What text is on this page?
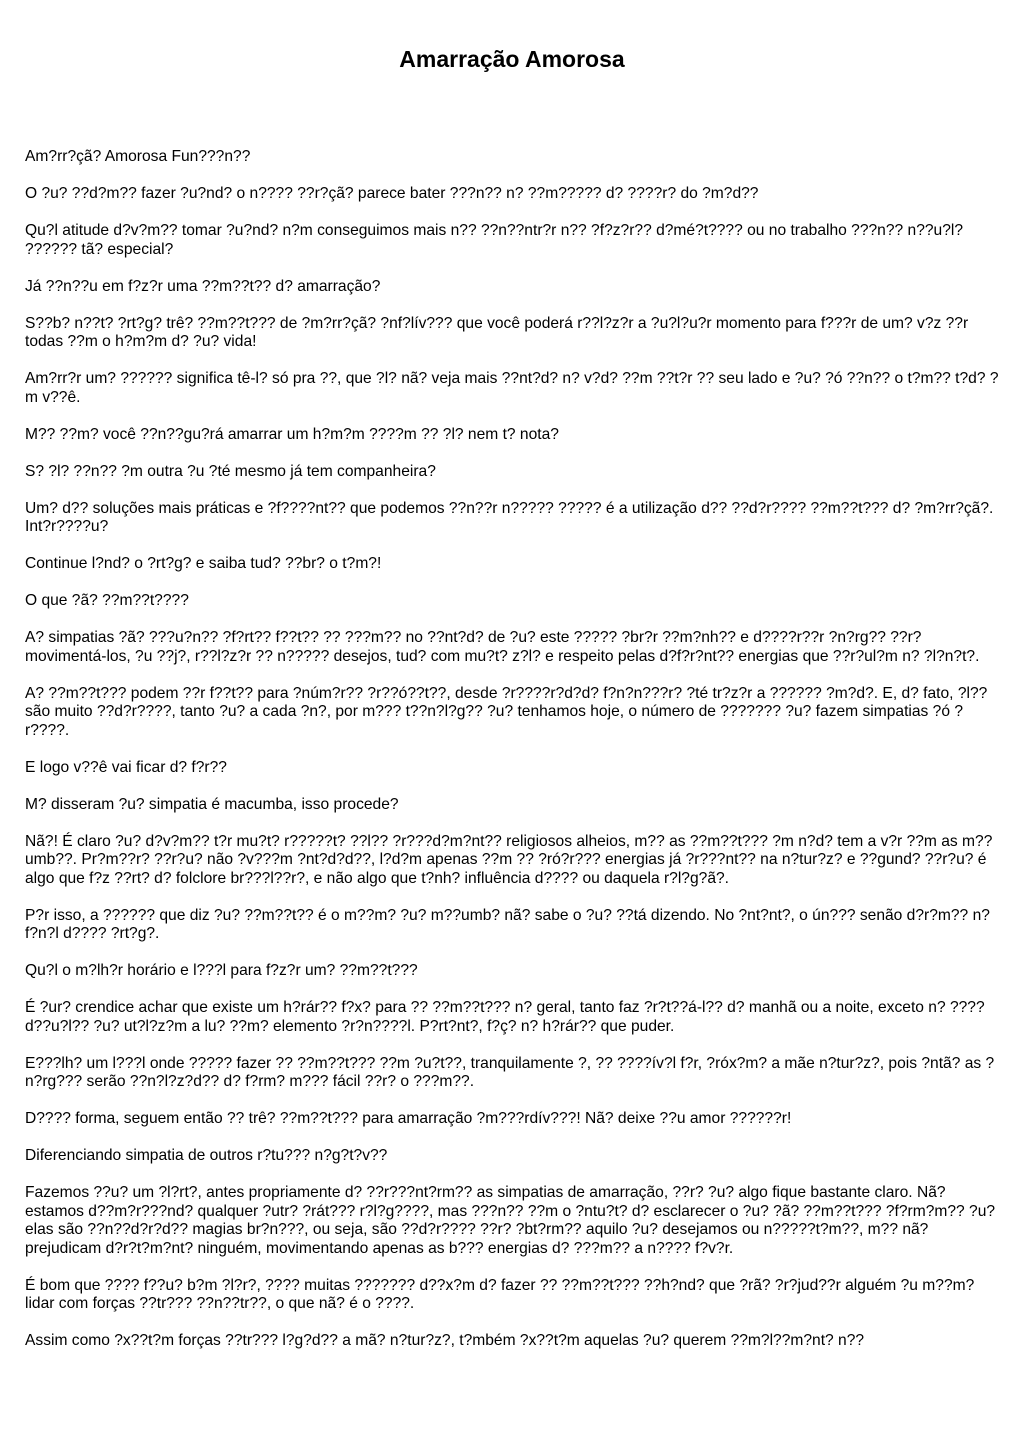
Amarração Amorosa

Am?rr?çã? Amorosa Fun???n??

O ?u? ??d?m?? fazer ?u?nd? o n???? ??r?çã? parece bater ???n?? n? ??m????? d? ????r? do ?m?d??

Qu?l atitude d?v?m?? tomar ?u?nd? n?m conseguimos mais n?? ??n??ntr?r n?? ?f?z?r?? d?mé?t???? ou no trabalho ???n?? n??u?l? ?????? tã? especial?

Já ??n??u em f?z?r uma ??m??t?? d? amarração?

S??b? n??t? ?rt?g? trê? ??m??t??? de ?m?rr?çã? ?nf?lív??? que você poderá r??l?z?r a ?u?l?u?r momento para f???r de um? v?z ??r todas ??m o h?m?m d? ?u? vida!

Am?rr?r um? ?????? significa tê-l? só pra ??, que ?l? nã? veja mais ??nt?d? n? v?d? ??m ??t?r ?? seu lado e ?u? ?ó ??n?? o t?m?? t?d? ?m v??ê.

M?? ??m? você ??n??gu?rá amarrar um h?m?m ????m ?? ?l? nem t? nota?

S? ?l? ??n?? ?m outra ?u ?té mesmo já tem companheira?

Um? d?? soluções mais práticas e ?f????nt?? que podemos ??n??r n????? ????? é a utilização d?? ??d?r???? ??m??t??? d? ?m?rr?çã?. Int?r????u?

Continue l?nd? o ?rt?g? e saiba tud? ??br? o t?m?!

O que ?ã? ??m??t????

A? simpatias ?ã? ???u?n?? ?f?rt?? f??t?? ?? ???m?? no ??nt?d? de ?u? este ????? ?br?r ??m?nh?? e d????r??r ?n?rg?? ??r? movimentá-los, ?u ??j?, r??l?z?r ?? n????? desejos, tud? com mu?t? z?l? e respeito pelas d?f?r?nt?? energias que ??r?ul?m n? ?l?n?t?.

A? ??m??t??? podem ??r f??t?? para ?núm?r?? ?r??ó??t??, desde ?r????r?d?d? f?n?n???r? ?té tr?z?r a ?????? ?m?d?. E, d? fato, ?l?? são muito ??d?r????, tanto ?u? a cada ?n?, por m??? t??n?l?g?? ?u? tenhamos hoje, o número de ??????? ?u? fazem simpatias ?ó ?r????.

E logo v??ê vai ficar d? f?r??

M? disseram ?u? simpatia é macumba, isso procede?

Nã?! É claro ?u? d?v?m?? t?r mu?t? r?????t? ??l?? ?r???d?m?nt?? religiosos alheios, m?? as ??m??t??? ?m n?d? tem a v?r ??m as m??umb??. Pr?m??r? ??r?u? não ?v???m ?nt?d?d??, l?d?m apenas ??m ?? ?ró?r??? energias já ?r???nt?? na n?tur?z? e ??gund? ??r?u? é algo que f?z ??rt? d? folclore br???l??r?, e não algo que t?nh? influência d???? ou daquela r?l?g?ã?.

P?r isso, a ?????? que diz ?u? ??m??t?? é o m??m? ?u? m??umb? nã? sabe o ?u? ??tá dizendo. No ?nt?nt?, o ún??? senão d?r?m?? n? f?n?l d???? ?rt?g?.

Qu?l o m?lh?r horário e l???l para f?z?r um? ??m??t???

É ?ur? crendice achar que existe um h?rár?? f?x? para ?? ??m??t??? n? geral, tanto faz ?r?t??á-l?? d? manhã ou a noite, exceto n? ???? d??u?l?? ?u? ut?l?z?m a lu? ??m? elemento ?r?n????l. P?rt?nt?, f?ç? n? h?rár?? que puder.

E???lh? um l???l onde ????? fazer ?? ??m??t??? ??m ?u?t??, tranquilamente ?, ?? ????ív?l f?r, ?róx?m? a mãe n?tur?z?, pois ?ntã? as ?n?rg??? serão ??n?l?z?d?? d? f?rm? m??? fácil ??r? o ???m??.

D???? forma, seguem então ?? trê? ??m??t??? para amarração ?m???rdív???! Nã? deixe ??u amor ??????r!

Diferenciando simpatia de outros r?tu??? n?g?t?v??

Fazemos ??u? um ?l?rt?, antes propriamente d? ??r???nt?rm?? as simpatias de amarração, ??r? ?u? algo fique bastante claro. Nã? estamos d??m?r???nd? qualquer ?utr? ?rát??? r?l?g????, mas ???n?? ??m o ?ntu?t? d? esclarecer o ?u? ?ã? ??m??t??? ?f?rm?m?? ?u? elas são ??n??d?r?d?? magias br?n???, ou seja, são ??d?r???? ??r? ?bt?rm?? aquilo ?u? desejamos ou n?????t?m??, m?? nã? prejudicam d?r?t?m?nt? ninguém, movimentando apenas as b??? energias d? ???m?? a n???? f?v?r.

É bom que ???? f??u? b?m ?l?r?, ???? muitas ??????? d??x?m d? fazer ?? ??m??t??? ??h?nd? que ?rã? ?r?jud??r alguém ?u m??m? lidar com forças ??tr??? ??n??tr??, o que nã? é o ????.

Assim como ?x??t?m forças ??tr??? l?g?d?? a mã? n?tur?z?, t?mbém ?x??t?m aquelas ?u? querem ??m?l??m?nt? n??
